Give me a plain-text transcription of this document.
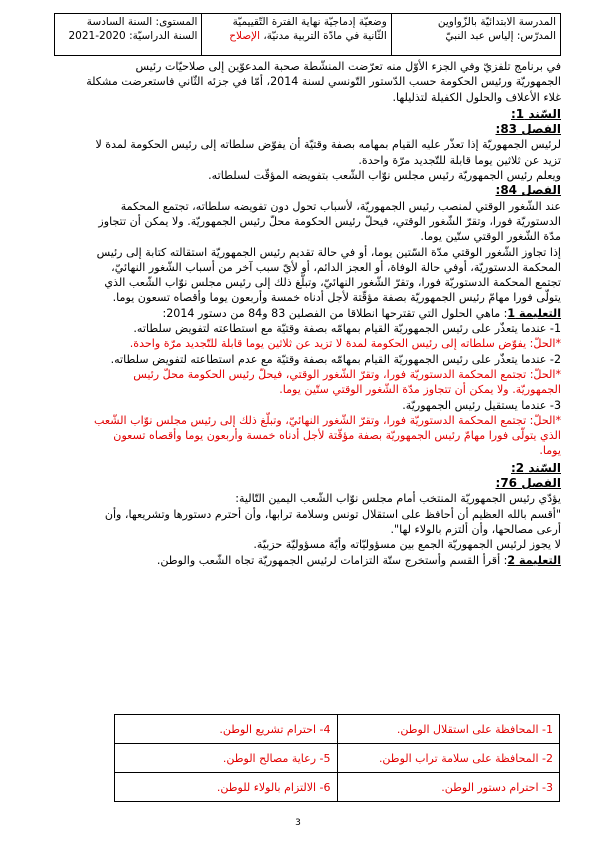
المدرسة الابتدائيّة بالزّواوين
المدرّس: إلياس عبد النبيّ

وضعيّة إدماجيّة نهاية الفترة التّقييميّة
الثّانية في مادّة التربية مدنيّة، الإصلاح

المستوى: السنة السادسة
السنة الدراسيّة: 2020-2021

في برنامج تلفزيّ وفي الجزء الأوّل منه تعرّضت المنشّطة صحبة المدعوّين إلى صلاحيّات رئيس

الجمهوريّة ورئيس الحكومة حسب الدّستور التّونسي لسنة 2014، أمّا في جزئه الثّاني فاستعرضت مشكلة

غلاء الأعلاف والحلول الكفيلة لتذليلها.

السّند 1:

الفصل 83:

لرئيس الجمهوريّة إذا تعذّر عليه القيام بمهامه بصفة وقتيّة أن يفوّض سلطاته إلى رئيس الحكومة لمدة لا

تزيد عن ثلاثين يوما قابلة للتّجديد مرّة واحدة.

ويعلم رئيس الجمهوريّة رئيس مجلس نوّاب الشّعب بتفويضه المؤقّت لسلطاته.

الفصل 84:

عند الشّغور الوقتي لمنصب رئيس الجمهوريّة، لأسباب تحول دون تفويضه سلطاته، تجتمع المحكمة

الدستوريّة فورا، وتقرّ الشّغور الوقتي، فيحلّ رئيس الحكومة محلّ رئيس الجمهوريّة. ولا يمكن أن تتجاوز

مدّة الشّغور الوقتي ستّين يوما.

إذا تجاوز الشّغور الوقتي مدّة السّتين يوما، أو في حالة تقديم رئيس الجمهوريّة استقالته كتابة إلى رئيس

المحكمة الدستوريّة، أوفي حالة الوفاة، أو العجز الدائم، أو لأيّ سبب آخر من أسباب الشّغور النهائيّ،

تجتمع المحكمة الدستوريّة فورا، وتقرّ الشّغور النهائيّ، وتبلّغ ذلك إلى رئيس مجلس نوّاب الشّعب الذي

يتولّى فورا مهامّ رئيس الجمهوريّة بصفة مؤقّتة لأجل أدناه خمسة وأربعون يوما وأقصاه تسعون يوما.

التعليمة 1: ماهي الحلول التي تقترحها انطلاقا من الفصلين 83 و84 من دستور 2014:

1- عندما يتعذّر على رئيس الجمهوريّة القيام بمهامّه بصفة وقتيّة مع استطاعته لتفويض سلطاته.

*الحلّ: يفوّض سلطاته إلى رئيس الحكومة لمدة لا تزيد عن ثلاثين يوما قابلة للتّجديد مرّة واحدة.

2- عندما يتعذّر على رئيس الجمهوريّة القيام بمهامّه بصفة وقتيّة مع عدم استطاعته لتفويض سلطاته.

*الحلّ: تجتمع المحكمة الدستوريّة فورا، وتقرّ الشّغور الوقتي، فيحلّ رئيس الحكومة محلّ رئيس

الجمهوريّة. ولا يمكن أن تتجاوز مدّة الشّغور الوقتي ستّين يوما.

3- عندما يستقيل رئيس الجمهوريّة.

*الحلّ: تجتمع المحكمة الدستوريّة فورا، وتقرّ الشّغور النهائيّ، وتبلّغ ذلك إلى رئيس مجلس نوّاب الشّعب

الذي يتولّى فورا مهامّ رئيس الجمهوريّة بصفة مؤقّتة لأجل أدناه خمسة وأربعون يوما وأقصاه تسعون

يوما.

السّند 2:

الفصل 76:

يؤدّي رئيس الجمهوريّة المنتخب أمام مجلس نوّاب الشّعب اليمين التّالية:

"أقسم بالله العظيم أن أحافظ على استقلال تونس وسلامة ترابها، وأن أحترم دستورها وتشريعها، وأن

أرعى مصالحها، وأن ألتزم بالولاء لها".

لا يجوز لرئيس الجمهوريّة الجمع بين مسؤوليّاته وأيّة مسؤوليّة حزبيّة.

التعليمة 2: أقرأ القسم وأستخرج ستّة التزامات لرئيس الجمهوريّة تجاه الشّعب والوطن.

1- المحافظة على استقلال الوطن.	4- احترام تشريع الوطن.
2- المحافظة على سلامة تراب الوطن.	5- رعاية مصالح الوطن.
3- احترام دستور الوطن.	6- الالتزام بالولاء للوطن.
3
